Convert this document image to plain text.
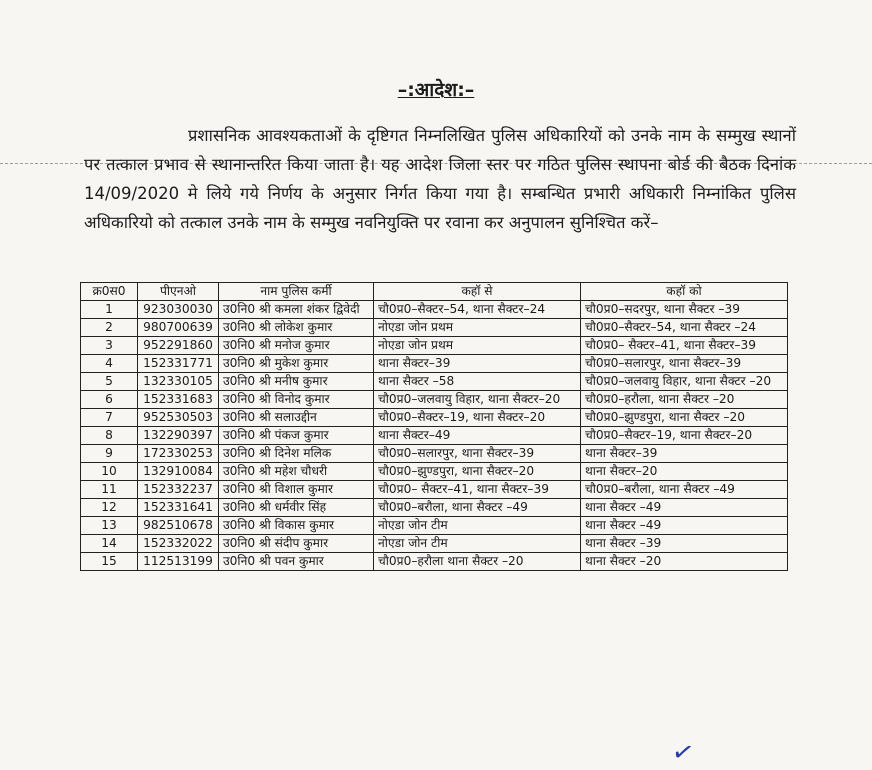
–:आदेश:–

प्रशासनिक आवश्यकताओं के दृष्टिगत निम्नलिखित पुलिस अधिकारियों को उनके नाम के सम्मुख स्थानों पर तत्काल प्रभाव से स्थानान्तरित किया जाता है। यह आदेश जिला स्तर पर गठित पुलिस स्थापना बोर्ड की बैठक दिनांक 14/09/2020 मे लिये गये निर्णय के अनुसार निर्गत किया गया है। सम्बन्धित प्रभारी अधिकारी निम्नांकित पुलिस अधिकारियो को तत्काल उनके नाम के सम्मुख नवनियुक्ति पर रवाना कर अनुपालन सुनिश्चित करें–

क्र0स0	पीएनओ	नाम पुलिस कर्मी	कहॉ से	कहॉ को
1	923030030	उ0नि0 श्री कमला शंकर द्विवेदी	चौ0प्र0–सैक्टर–54, थाना सैक्टर–24	चौ0प्र0–सदरपुर, थाना सैक्टर –39
2	980700639	उ0नि0 श्री लोकेश कुमार	नोएडा जोन प्रथम	चौ0प्र0–सैक्टर–54, थाना सैक्टर –24
3	952291860	उ0नि0 श्री मनोज कुमार	नोएडा जोन प्रथम	चौ0प्र0– सैक्टर–41, थाना सैक्टर–39
4	152331771	उ0नि0 श्री मुकेश कुमार	थाना सैक्टर–39	चौ0प्र0–सलारपुर, थाना सैक्टर–39
5	132330105	उ0नि0 श्री मनीष कुमार	थाना सैक्टर –58	चौ0प्र0–जलवायु विहार, थाना सैक्टर –20
6	152331683	उ0नि0 श्री विनोद कुमार	चौ0प्र0–जलवायु विहार, थाना सैक्टर–20	चौ0प्र0–हरौला, थाना सैक्टर –20
7	952530503	उ0नि0 श्री सलाउद्दीन	चौ0प्र0–सैक्टर–19, थाना सैक्टर–20	चौ0प्र0–झुण्डपुरा, थाना सैक्टर –20
8	132290397	उ0नि0 श्री पंकज कुमार	थाना सैक्टर–49	चौ0प्र0–सैक्टर–19, थाना सैक्टर–20
9	172330253	उ0नि0 श्री दिनेश मलिक	चौ0प्र0–सलारपुर, थाना सैक्टर–39	थाना सैक्टर–39
10	132910084	उ0नि0 श्री महेश चौधरी	चौ0प्र0–झुण्डपुरा, थाना सैक्टर–20	थाना सैक्टर–20
11	152332237	उ0नि0 श्री विशाल कुमार	चौ0प्र0– सैक्टर–41, थाना सैक्टर–39	चौ0प्र0–बरौला, थाना सैक्टर –49
12	152331641	उ0नि0 श्री धर्मवीर सिंह	चौ0प्र0–बरौला, थाना सैक्टर –49	थाना सैक्टर –49
13	982510678	उ0नि0 श्री विकास कुमार	नोएडा जोन टीम	थाना सैक्टर –49
14	152332022	उ0नि0 श्री संदीप कुमार	नोएडा जोन टीम	थाना सैक्टर –39
15	112513199	उ0नि0 श्री पवन कुमार	चौ0प्र0–हरौला थाना सैक्टर –20	थाना सैक्टर –20
✓
